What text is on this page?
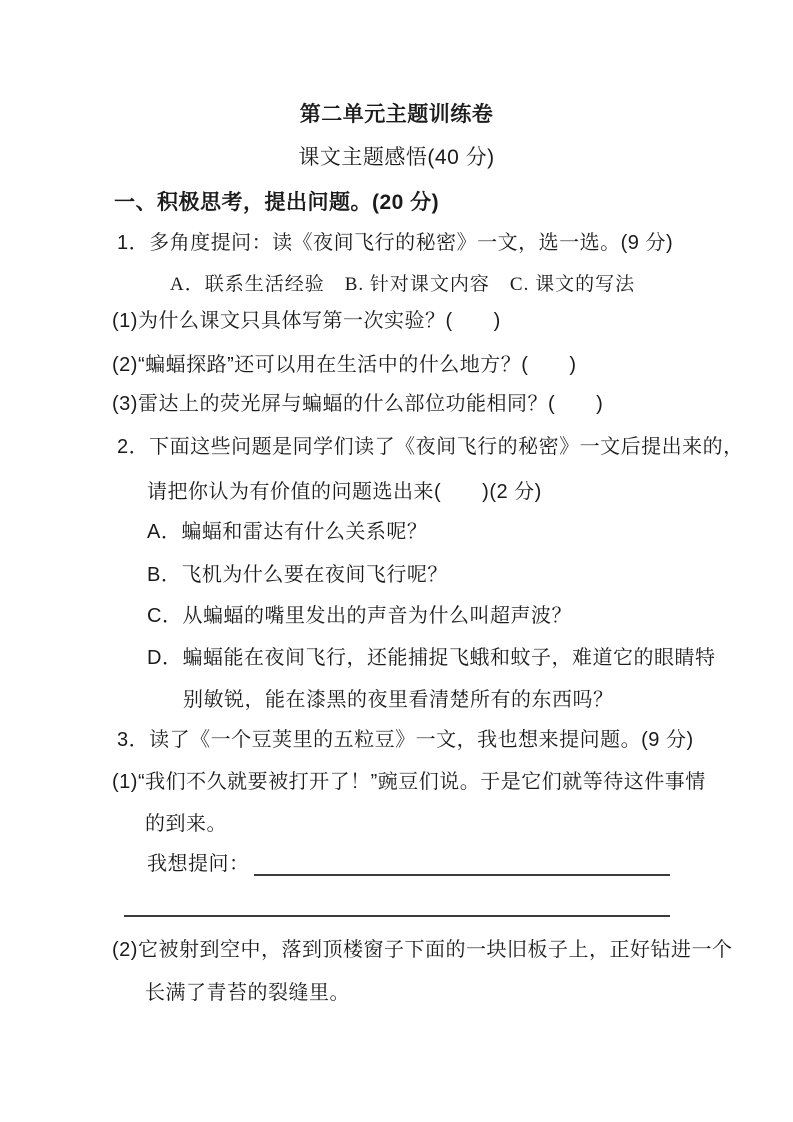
第二单元主题训练卷
课文主题感悟(40 分)
一、积极思考，提出问题。(20 分)
1．多角度提问：读《夜间飞行的秘密》一文，选一选。(9 分)
A．联系生活经验　B. 针对课文内容　C. 课文的写法
(1)为什么课文只具体写第一次实验？(　　)
(2)“蝙蝠探路”还可以用在生活中的什么地方？(　　)
(3)雷达上的荧光屏与蝙蝠的什么部位功能相同？(　　)
2．下面这些问题是同学们读了《夜间飞行的秘密》一文后提出来的，
请把你认为有价值的问题选出来(　　)(2 分)
A．蝙蝠和雷达有什么关系呢？
B．飞机为什么要在夜间飞行呢？
C．从蝙蝠的嘴里发出的声音为什么叫超声波？
D．蝙蝠能在夜间飞行，还能捕捉飞蛾和蚊子，难道它的眼睛特
别敏锐，能在漆黑的夜里看清楚所有的东西吗？
3．读了《一个豆荚里的五粒豆》一文，我也想来提问题。(9 分)
(1)“我们不久就要被打开了！”豌豆们说。于是它们就等待这件事情
的到来。
我想提问：
(2)它被射到空中，落到顶楼窗子下面的一块旧板子上，正好钻进一个
长满了青苔的裂缝里。
